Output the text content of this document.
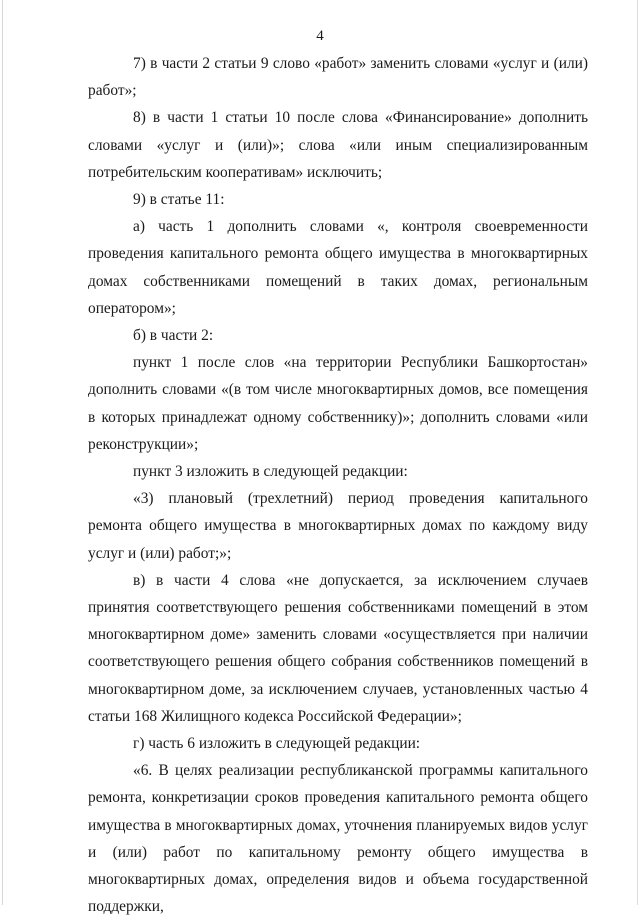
4

7) в части 2 статьи 9 слово «работ» заменить словами «услуг и (или) работ»;

8) в части 1 статьи 10 после слова «Финансирование» дополнить словами «услуг и (или)»; слова «или иным специализированным потребительским кооперативам» исключить;

9) в статье 11:

а) часть 1 дополнить словами «, контроля своевременности проведения капитального ремонта общего имущества в многоквартирных домах собственниками помещений в таких домах, региональным оператором»;

б) в части 2:

пункт 1 после слов «на территории Республики Башкортостан» дополнить словами «(в том числе многоквартирных домов, все помещения в которых принадлежат одному собственнику)»; дополнить словами «или реконструкции»;

пункт 3 изложить в следующей редакции:

«3) плановый (трехлетний) период проведения капитального ремонта общего имущества в многоквартирных домах по каждому виду услуг и (или) работ;»;

в) в части 4 слова «не допускается, за исключением случаев принятия соответствующего решения собственниками помещений в этом многоквартирном доме» заменить словами «осуществляется при наличии соответствующего решения общего собрания собственников помещений в многоквартирном доме, за исключением случаев, установленных частью 4 статьи 168 Жилищного кодекса Российской Федерации»;

г) часть 6 изложить в следующей редакции:

«6. В целях реализации республиканской программы капитального ремонта, конкретизации сроков проведения капитального ремонта общего имущества в многоквартирных домах, уточнения планируемых видов услуг и (или) работ по капитальному ремонту общего имущества в многоквартирных домах, определения видов и объема государственной поддержки,
